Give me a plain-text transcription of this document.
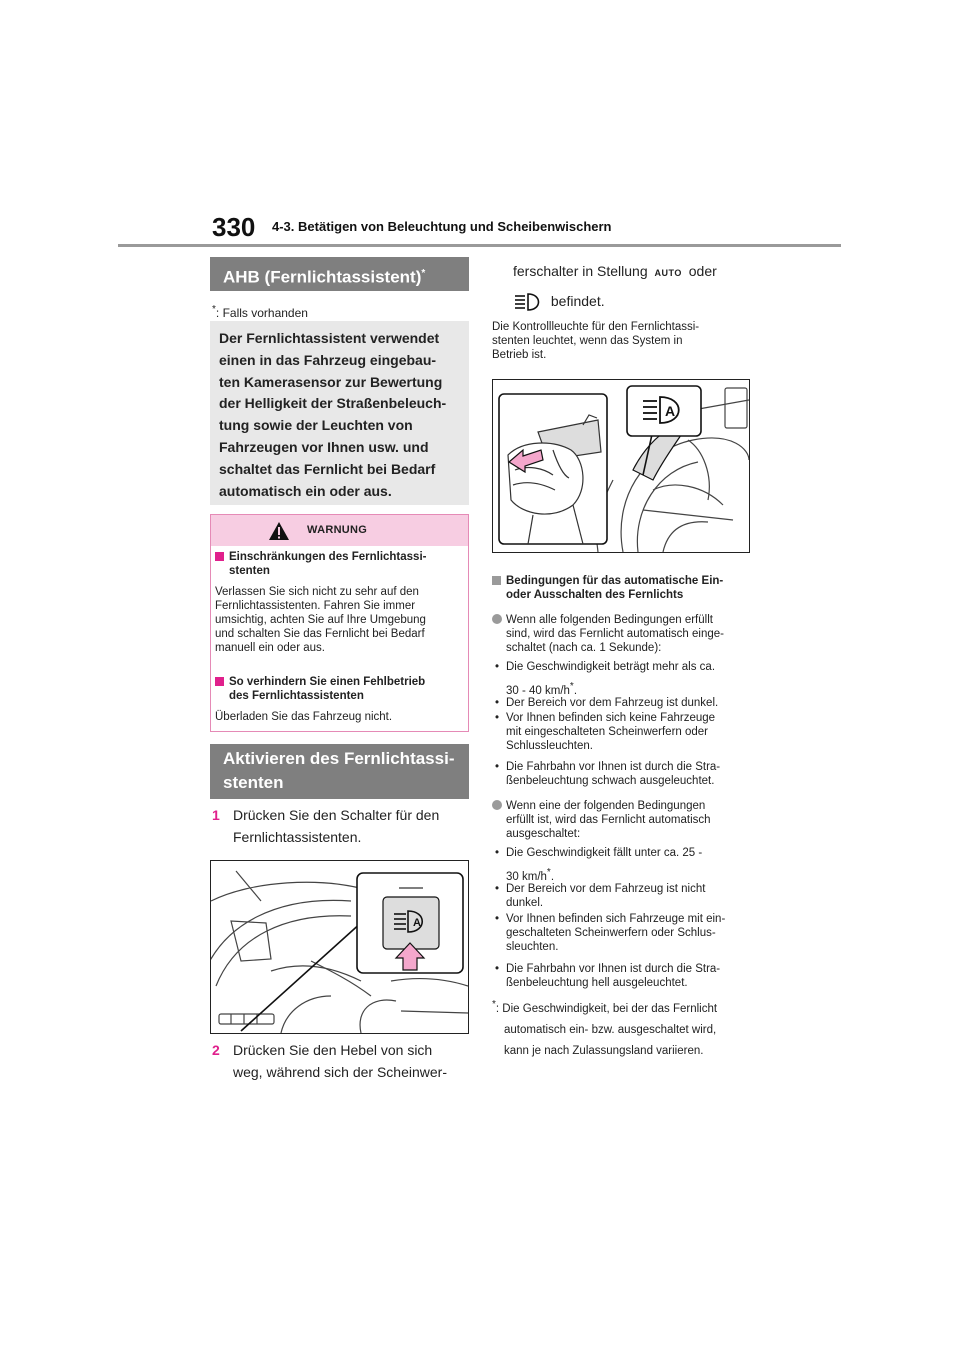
330 4-3. Betätigen von Beleuchtung und Scheibenwischern
AHB (Fernlichtassistent)*
*: Falls vorhanden
Der Fernlichtassistent verwendet
einen in das Fahrzeug eingebau-
ten Kamerasensor zur Bewertung
der Helligkeit der Straßenbeleuch-
tung sowie der Leuchten von
Fahrzeugen vor Ihnen usw. und
schaltet das Fernlicht bei Bedarf
automatisch ein oder aus.
WARNUNG
Einschränkungen des Fernlichtassi-
stenten
Verlassen Sie sich nicht zu sehr auf den
Fernlichtassistenten. Fahren Sie immer
umsichtig, achten Sie auf Ihre Umgebung
und schalten Sie das Fernlicht bei Bedarf
manuell ein oder aus.
So verhindern Sie einen Fehlbetrieb
des Fernlichtassistenten
Überladen Sie das Fahrzeug nicht.
Aktivieren des Fernlichtassi-
stenten
1 Drücken Sie den Schalter für den
Fernlichtassistenten.
A
2 Drücken Sie den Hebel von sich
weg, während sich der Scheinwer-
ferschalter in Stellung AUTO oder
befindet.
Die Kontrollleuchte für den Fernlichtassi-
stenten leuchtet, wenn das System in
Betrieb ist.
A
Bedingungen für das automatische Ein-
oder Ausschalten des Fernlichts
Wenn alle folgenden Bedingungen erfüllt
sind, wird das Fernlicht automatisch einge-
schaltet (nach ca. 1 Sekunde):
• Die Geschwindigkeit beträgt mehr als ca.
30 - 40 km/h*.
• Der Bereich vor dem Fahrzeug ist dunkel.
• Vor Ihnen befinden sich keine Fahrzeuge
mit eingeschalteten Scheinwerfern oder
Schlussleuchten.
• Die Fahrbahn vor Ihnen ist durch die Stra-
ßenbeleuchtung schwach ausgeleuchtet.
Wenn eine der folgenden Bedingungen
erfüllt ist, wird das Fernlicht automatisch
ausgeschaltet:
• Die Geschwindigkeit fällt unter ca. 25 -
30 km/h*.
• Der Bereich vor dem Fahrzeug ist nicht
dunkel.
• Vor Ihnen befinden sich Fahrzeuge mit ein-
geschalteten Scheinwerfern oder Schlus-
sleuchten.
• Die Fahrbahn vor Ihnen ist durch die Stra-
ßenbeleuchtung hell ausgeleuchtet.
*: Die Geschwindigkeit, bei der das Fernlicht
automatisch ein- bzw. ausgeschaltet wird,
kann je nach Zulassungsland variieren.
